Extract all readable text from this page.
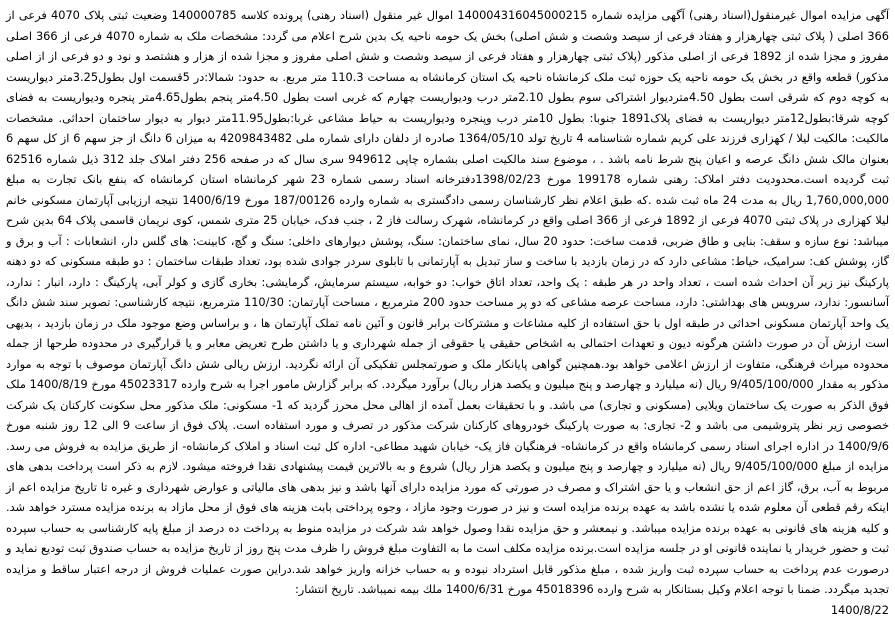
آگهی مزایده اموال غیرمنقول(اسناد رهنی) آگهی مزایده شماره 140004316045000215 اموال غیر منقول (اسناد رهنی) پرونده کلاسه 140000785 وضعیت ثبتی پلاک 4070 فرعی از 366 اصلی ( پلاک ثبتی چهارهزار و هفتاد فرعی از سیصد وشصت و شش اصلی) بخش یک حومه ناحیه یک بدین شرح اعلام می گردد: مشخصات ملک به شماره 4070 فرعی از 366 اصلی مفروز و مجزا شده از 1892 فرعی از اصلی مذکور (پلاک ثبتی چهارهزار و هفتاد فرعی از سیصد وشصت و شش اصلی مفروز و مجزا شده از هزار و هشتصد و نود و دو فرعی از از اصلی مذکور) قطعه واقع در بخش یک حومه ناحیه یک حوزه ثبت ملک کرمانشاه ناحیه یک استان کرمانشاه به مساحت 110.3 متر مربع. به حدود: شمالا:در 5قسمت اول بطول3.25متر دیواریست به کوچه دوم که شرقی است بطول 4.50متردیوار اشتراکی سوم بطول 2.10متر درب ودیواریست چهارم که غربی است بطول 4.50متر پنجم بطول4.65متر پنجره ودیواریست به فضای کوچه شرقا:بطول12متر دیواریست به فضای پلاک1891 جنوبا: بطول 10متر درب وپنجره ودیواریست به حیاط مشاعی غربا:بطول11.95متر دیوار به دیوار ساختمان احداثی. مشخصات مالکیت: مالکیت لیلا / کهزاری فرزند علی کریم شماره شناسنامه 4 تاریخ تولد 1364/05/10 صادره از دلفان دارای شماره ملی 4209843482 به میزان 6 دانگ از جز سهم 6 از کل سهم 6 بعنوان مالک شش دانگ عرصه و اعیان پنج شرط نامه باشد . ، موضوع سند مالکیت اصلی بشماره چاپی 949612 سری سال که در صفحه 256 دفتر املاک جلد 312 ذیل شماره 62516 ثبت گردیده است.محدودیت دفتر املاک: رهنی شماره 199178 مورخ 1398/02/23دفترخانه اسناد رسمی شماره 23 شهر کرمانشاه استان کرمانشاه که بنفع بانک تجارت به مبلغ 1,760,000,000 ریال به مدت 24 ماه ثبت شده .که طبق اعلام نظر کارشناسان رسمی دادگستری به شماره وارده 187/00126 مورخ 1400/6/19 نتیجه ارزیابی آپارتمان مسکونی خانم لیلا کهزاری در پلاک ثبتی 4070 فرعی از 1892 فرعی از 366 اصلی واقع در کرمانشاه، شهرک رسالت فاز 2 ، جنب فدک، خیابان 25 متری شمس، کوی نریمان قاسمی پلاک 64 بدین شرح میباشد: نوع سازه و سقف: بنایی و طاق ضربی، قدمت ساخت: حدود 20 سال، نمای ساختمان: سنگ، پوشش دیوارهای داخلی: سنگ و گچ، کابینت: های گلس دار، انشعابات : آب و برق و گاز، پوشش کف: سرامیک، حیاط: مشاعی دارد که در زمان بازدید با ساخت و ساز تبدیل به آپارتمانی با تابلوی سردر جوادی شده بود، تعداد طبقات ساختمان : دو طبقه مسکونی که دو دهنه پارکینگ نیز زیر آن احداث شده است ، تعداد واحد در هر طبقه : یک واحد، تعداد اتاق خواب: دو خوابه، سیستم سرمایش، گرمایشی: بخاری گازی و کولر آبی، پارکینگ : دارد، انبار : ندارد، آسانسور: ندارد، سرویس های بهداشتی: دارد، مساحت عرصه مشاعی که دو پر مساحت حدود 200 مترمربع ، مساحت آپارتمان: 110/30 مترمربع، نتیجه کارشناسی: تصویر سند شش دانگ یک واحد آپارتمان مسکونی احداثی در طبقه اول با حق استفاده از کلیه مشاعات و مشترکات برابر قانون و آئین نامه تملک آپارتمان ها ، و براساس وضع موجود ملک در زمان بازدید ، بدیهی است ارزش آن در صورت داشتن هرگونه دیون و تعهدات احتمالی به اشخاص حقیقی یا حقوقی از جمله شهرداری و یا داشتن طرح تعریض معابر و یا قرارگیری در محدوده طرحها از جمله محدوده میراث فرهنگی، متفاوت از ارزش اعلامی خواهد بود.همچنین گواهی پایانکار ملک و صورتمجلس تفکیکی آن ارائه نگردید. ارزش ریالی شش دانگ آپارتمان موصوف با توجه به موارد مذکور به مقدار 9/405/100/000 ریال (نه میلیارد و چهارصد و پنج میلیون و یکصد هزار ریال) برآورد میگردد. که برابر گزارش مامور اجرا به شرح وارده 45023317 مورخ 1400/8/19 ملک فوق الذکر به صورت یک ساختمان ویلایی (مسکونی و تجاری) می باشد. و با تحقیقات بعمل آمده از اهالی محل محرز گردید که 1- مسکونی: ملک مذکور محل سکونت کارکنان یک شرکت خصوصی زیر نظر پتروشیمی می باشد و 2- تجاری: به صورت پارکینگ خودروهای کارکنان شرکت مذکور در تصرف و مورد استفاده است. پلاک فوق از ساعت 9 الی 12 روز شنبه مورخ 1400/9/6 در اداره اجرای اسناد رسمی کرمانشاه واقع در کرمانشاه- فرهنگیان فاز یک- خیابان شهید مطاعی- اداره کل ثبت اسناد و املاک کرمانشاه- از طریق مزایده به فروش می رسد. مزایده از مبلغ 9/405/100/000 ریال (نه میلیارد و چهارصد و پنج میلیون و یکصد هزار ریال) شروع و به بالاترین قیمت پیشنهادی نقدا فروخته میشود. لازم به ذکر است پرداخت بدهی های مربوط به آب، برق، گاز اعم از حق انشعاب و یا حق اشتراک و مصرف در صورتی که مورد مزایده دارای آنها باشد و نیز بدهی های مالیاتی و عوارض شهرداری و غیره تا تاریخ مزایده اعم از اینکه رقم قطعی آن معلوم شده یا نشده باشد به عهده برنده مزایده است و نیز در صورت وجود مازاد ، وجوه پرداختی بابت هزینه های فوق از محل مازاد به برنده مزایده مسترد خواهد شد. و کلیه هزینه های قانونی به عهده برنده مزایده میباشد. و نیمعشر و حق مزایده نقدا وصول خواهد شد شرکت در مزایده منوط به پرداخت ده درصد از مبلغ پایه کارشناسی به حساب سپرده ثبت و حضور خریدار یا نماینده قانونی او در جلسه مزایده است.برنده مزایده مکلف است ما به التفاوت مبلغ فروش را ظرف مدت پنج روز از تاریخ مزایده به حساب صندوق ثبت توديع نمايد و درصورت عدم پرداخت به حساب سپرده ثبت واريز شده ، مبلغ مذكور قابل استرداد نبوده و به حساب خزانه واريز خواهد شد.دراين صورت عمليات فروش از درجه اعتبار ساقط و مزايده تجديد ميگردد. ضمنا با توجه اعلام وكيل بستانكار به شرح وارده 45018396 مورخ 1400/6/31 ملك بيمه نميباشد. تاريخ انتشار:

1400/8/22
